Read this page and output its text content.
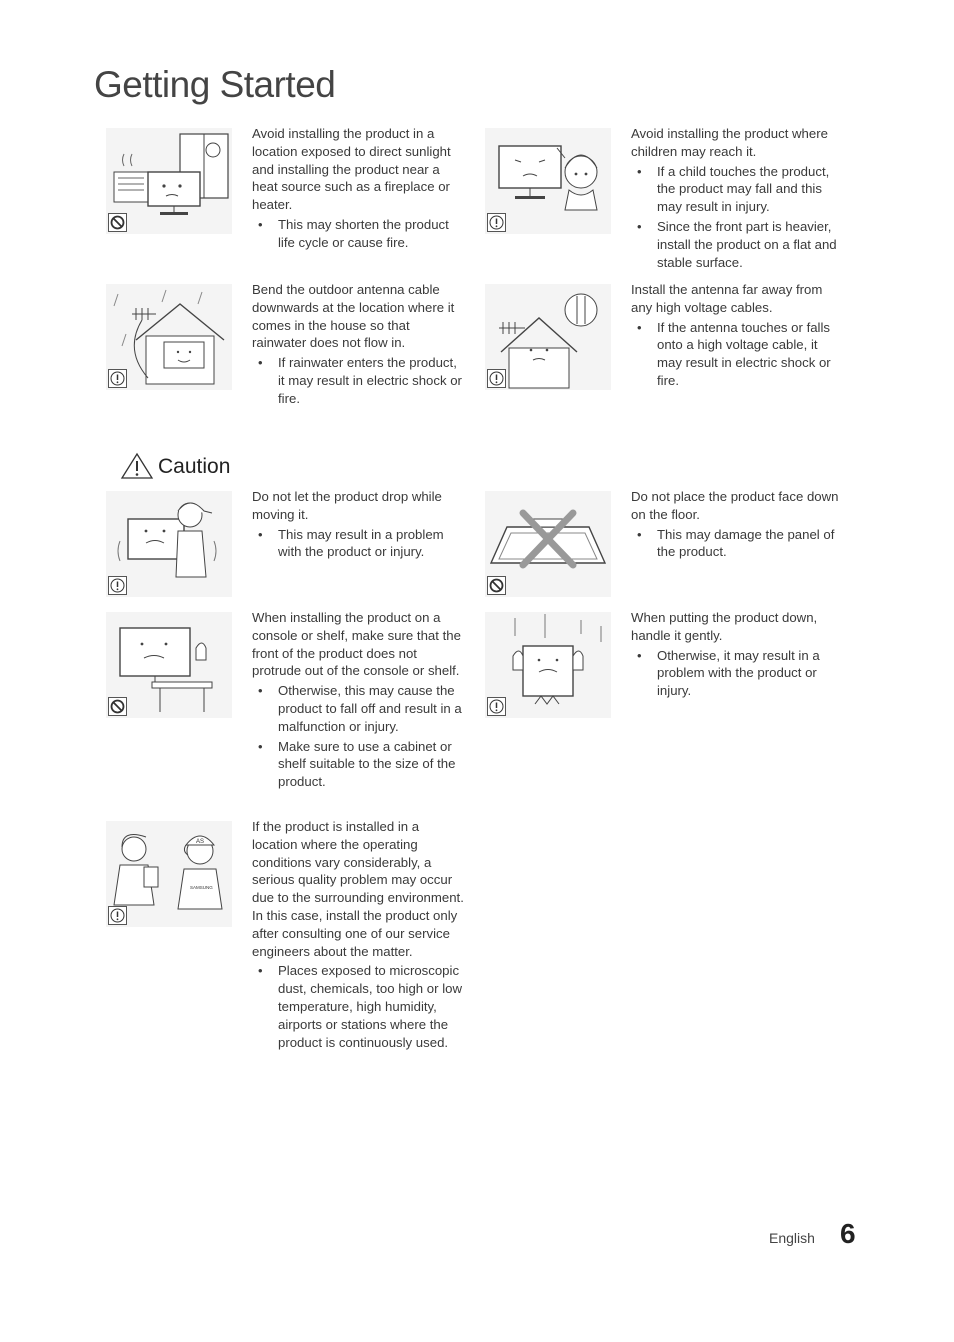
Getting Started

Avoid installing the product in a location exposed to direct sunlight and installing the product near a heat source such as a fireplace or heater.

• This may shorten the product life cycle or cause fire.

Avoid installing the product where children may reach it.

• If a child touches the product, the product may fall and this may result in injury.
• Since the front part is heavier, install the product on a flat and stable surface.

Bend the outdoor antenna cable downwards at the location where it comes in the house so that rainwater does not flow in.

• If rainwater enters the product, it may result in electric shock or fire.

Install the antenna far away from any high voltage cables.

• If the antenna touches or falls onto a high voltage cable, it may result in electric shock or fire.
Caution

Do not let the product drop while moving it.

• This may result in a problem with the product or injury.

Do not place the product face down on the floor.

• This may damage the panel of the product.

When installing the product on a console or shelf, make sure that the front of the product does not protrude out of the console or shelf.

• Otherwise, this may cause the product to fall off and result in a malfunction or injury.
• Make sure to use a cabinet or shelf suitable to the size of the product.

When putting the product down, handle it gently.

• Otherwise, it may result in a problem with the product or injury.
AS
SAMSUNG

If the product is installed in a location where the operating conditions vary considerably, a serious quality problem may occur due to the surrounding environment. In this case, install the product only after consulting one of our service engineers about the matter.

• Places exposed to microscopic dust, chemicals, too high or low temperature, high humidity, airports or stations where the product is continuously used.
English 6
